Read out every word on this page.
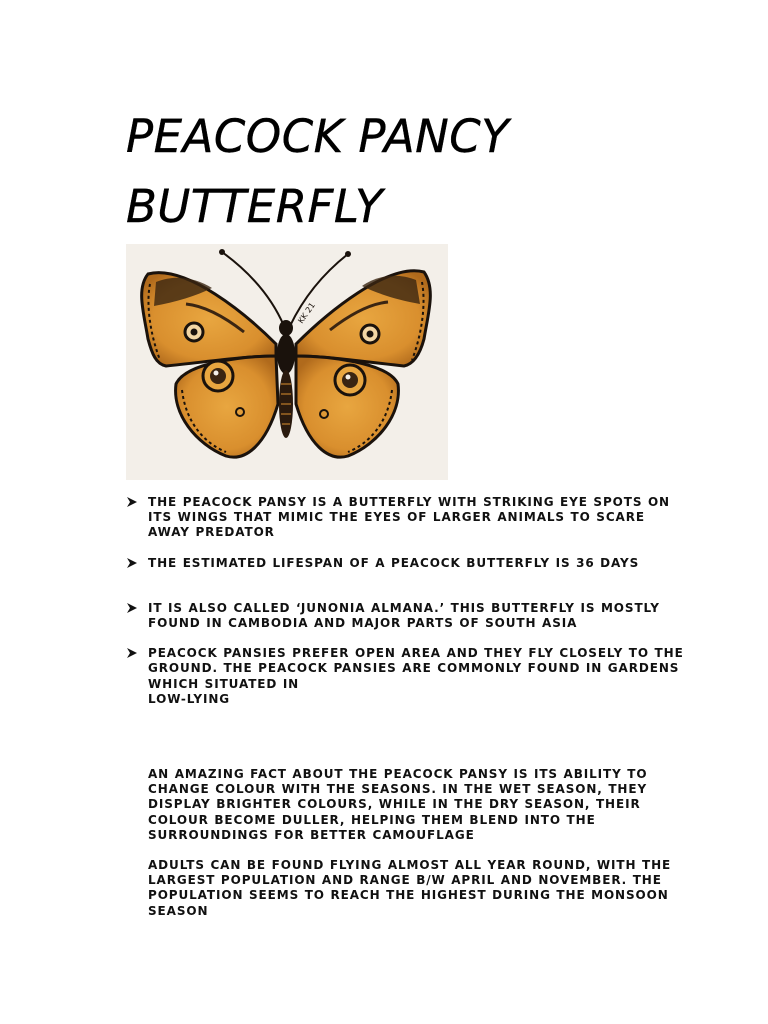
PEACOCK PANCY
BUTTERFLY
KK 21
THE PEACOCK PANSY IS A BUTTERFLY WITH STRIKING EYE SPOTS ON ITS WINGS THAT MIMIC THE EYES OF LARGER ANIMALS TO SCARE AWAY PREDATOR
THE ESTIMATED LIFESPAN OF A PEACOCK BUTTERFLY IS 36 DAYS
IT IS ALSO CALLED ‘JUNONIA ALMANA.’ THIS BUTTERFLY IS MOSTLY FOUND IN CAMBODIA AND MAJOR PARTS OF SOUTH ASIA
PEACOCK PANSIES PREFER OPEN AREA AND THEY FLY CLOSELY TO THE GROUND. THE PEACOCK PANSIES ARE COMMONLY FOUND IN GARDENS WHICH SITUATED IN
LOW-LYING

AN AMAZING FACT ABOUT THE PEACOCK PANSY IS ITS ABILITY TO CHANGE COLOUR WITH THE SEASONS. IN THE WET SEASON, THEY DISPLAY BRIGHTER COLOURS, WHILE IN THE DRY SEASON, THEIR COLOUR BECOME DULLER, HELPING THEM BLEND INTO THE SURROUNDINGS FOR BETTER CAMOUFLAGE

ADULTS CAN BE FOUND FLYING ALMOST ALL YEAR ROUND, WITH THE LARGEST POPULATION AND RANGE B/W APRIL AND NOVEMBER. THE POPULATION SEEMS TO REACH THE HIGHEST DURING THE MONSOON SEASON
